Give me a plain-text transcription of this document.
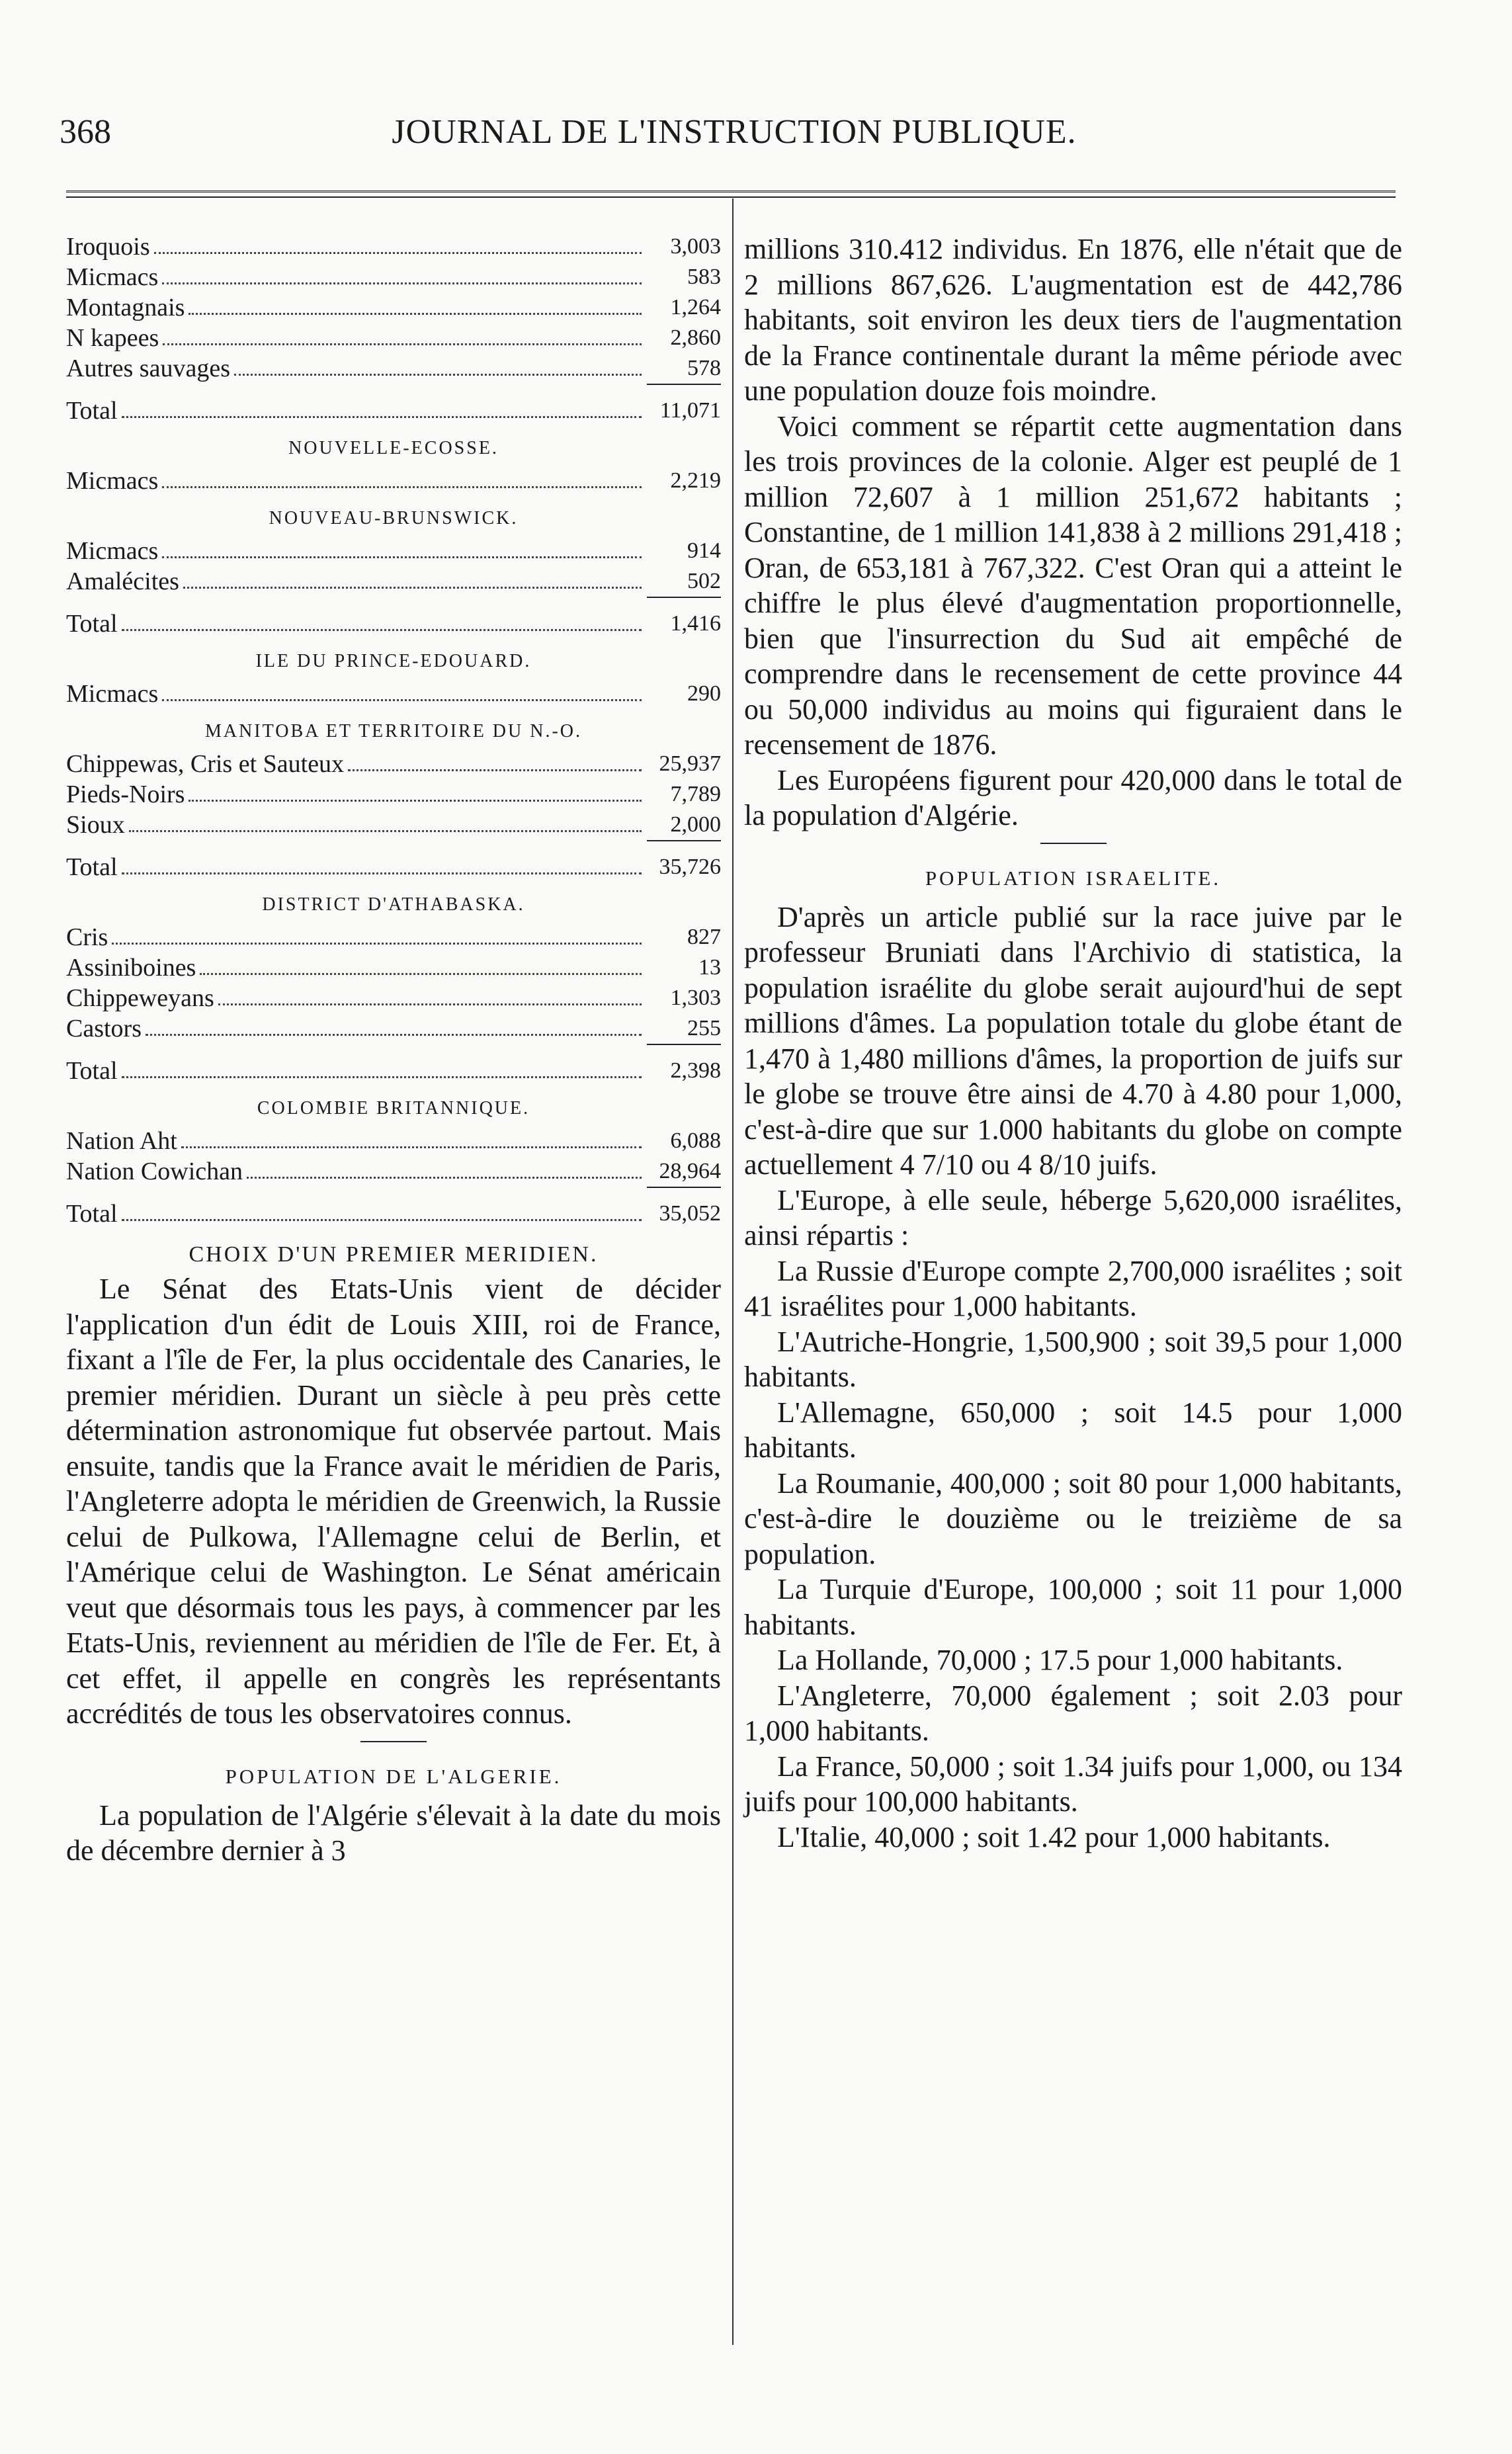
368	JOURNAL DE L'INSTRUCTION PUBLIQUE.
Iroquois	3,003
Micmacs	583
Montagnais	1,264
N kapees	2,860
Autres sauvages	578
Total	11,071
NOUVELLE-ECOSSE.
Micmacs	2,219
NOUVEAU-BRUNSWICK.
Micmacs	914
Amalécites	502
Total	1,416
ILE DU PRINCE-EDOUARD.
Micmacs	290
MANITOBA ET TERRITOIRE DU N.-O.
Chippewas, Cris et Sauteux	25,937
Pieds-Noirs	7,789
Sioux	2,000
Total	35,726
DISTRICT D'ATHABASKA.
Cris	827
Assiniboines	13
Chippeweyans	1,303
Castors	255
Total	2,398
COLOMBIE BRITANNIQUE.
Nation Aht	6,088
Nation Cowichan	28,964
Total	35,052
CHOIX D'UN PREMIER MERIDIEN.

Le Sénat des Etats-Unis vient de décider l'application d'un édit de Louis XIII, roi de France, fixant a l'île de Fer, la plus occidentale des Canaries, le premier méridien. Durant un siècle à peu près cette détermination astronomique fut observée partout. Mais ensuite, tandis que la France avait le méridien de Paris, l'Angleterre adopta le méridien de Greenwich, la Russie celui de Pulkowa, l'Allemagne celui de Berlin, et l'Amérique celui de Washington. Le Sénat américain veut que désormais tous les pays, à commencer par les Etats-Unis, reviennent au méridien de l'île de Fer. Et, à cet effet, il appelle en congrès les représentants accrédités de tous les observatoires connus.

POPULATION DE L'ALGERIE.

La population de l'Algérie s'élevait à la date du mois de décembre dernier à 3

millions 310.412 individus. En 1876, elle n'était que de 2 millions 867,626. L'augmentation est de 442,786 habitants, soit environ les deux tiers de l'augmentation de la France continentale durant la même période avec une population douze fois moindre.

Voici comment se répartit cette augmentation dans les trois provinces de la colonie. Alger est peuplé de 1 million 72,607 à 1 million 251,672 habitants ; Constantine, de 1 million 141,838 à 2 millions 291,418 ; Oran, de 653,181 à 767,322. C'est Oran qui a atteint le chiffre le plus élevé d'augmentation proportionnelle, bien que l'insurrection du Sud ait empêché de comprendre dans le recensement de cette province 44 ou 50,000 individus au moins qui figuraient dans le recensement de 1876.

Les Européens figurent pour 420,000 dans le total de la population d'Algérie.

POPULATION ISRAELITE.

D'après un article publié sur la race juive par le professeur Bruniati dans l'Archivio di statistica, la population israélite du globe serait aujourd'hui de sept millions d'âmes. La population totale du globe étant de 1,470 à 1,480 millions d'âmes, la proportion de juifs sur le globe se trouve être ainsi de 4.70 à 4.80 pour 1,000, c'est-à-dire que sur 1.000 habitants du globe on compte actuellement 4 7/10 ou 4 8/10 juifs.

L'Europe, à elle seule, héberge 5,620,000 israélites, ainsi répartis :

La Russie d'Europe compte 2,700,000 israélites ; soit 41 israélites pour 1,000 habitants.

L'Autriche-Hongrie, 1,500,900 ; soit 39,5 pour 1,000 habitants.

L'Allemagne, 650,000 ; soit 14.5 pour 1,000 habitants.

La Roumanie, 400,000 ; soit 80 pour 1,000 habitants, c'est-à-dire le douzième ou le treizième de sa population.

La Turquie d'Europe, 100,000 ; soit 11 pour 1,000 habitants.

La Hollande, 70,000 ; 17.5 pour 1,000 habitants.

L'Angleterre, 70,000 également ; soit 2.03 pour 1,000 habitants.

La France, 50,000 ; soit 1.34 juifs pour 1,000, ou 134 juifs pour 100,000 habitants.

L'Italie, 40,000 ; soit 1.42 pour 1,000 habitants.
